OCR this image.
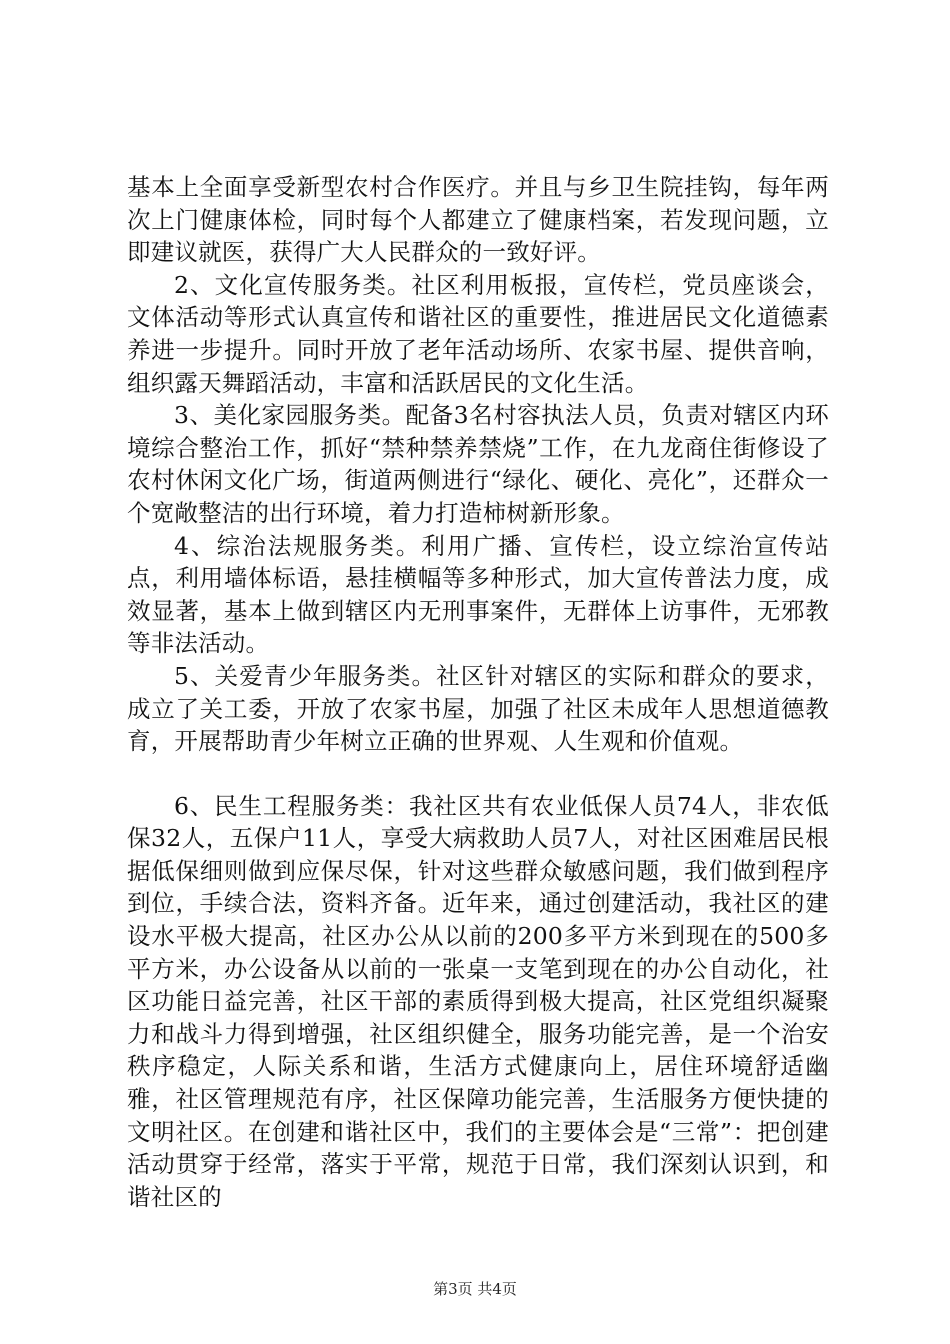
基本上全面享受新型农村合作医疗。并且与乡卫生院挂钩，每年两次上门健康体检，同时每个人都建立了健康档案，若发现问题，立即建议就医，获得广大人民群众的一致好评。

2、文化宣传服务类。社区利用板报，宣传栏，党员座谈会，文体活动等形式认真宣传和谐社区的重要性，推进居民文化道德素养进一步提升。同时开放了老年活动场所、农家书屋、提供音响，组织露天舞蹈活动，丰富和活跃居民的文化生活。

3、美化家园服务类。配备3名村容执法人员，负责对辖区内环境综合整治工作，抓好“禁种禁养禁烧”工作，在九龙商住街修设了农村休闲文化广场，街道两侧进行“绿化、硬化、亮化”，还群众一个宽敞整洁的出行环境，着力打造柿树新形象。

4、综治法规服务类。利用广播、宣传栏，设立综治宣传站点，利用墙体标语，悬挂横幅等多种形式，加大宣传普法力度，成效显著，基本上做到辖区内无刑事案件，无群体上访事件，无邪教等非法活动。

5、关爱青少年服务类。社区针对辖区的实际和群众的要求，成立了关工委，开放了农家书屋，加强了社区未成年人思想道德教育，开展帮助青少年树立正确的世界观、人生观和价值观。

6、民生工程服务类：我社区共有农业低保人员74人，非农低保32人，五保户11人，享受大病救助人员7人，对社区困难居民根据低保细则做到应保尽保，针对这些群众敏感问题，我们做到程序到位，手续合法，资料齐备。近年来，通过创建活动，我社区的建设水平极大提高，社区办公从以前的200多平方米到现在的500多平方米，办公设备从以前的一张桌一支笔到现在的办公自动化，社区功能日益完善，社区干部的素质得到极大提高，社区党组织凝聚力和战斗力得到增强，社区组织健全，服务功能完善，是一个治安秩序稳定，人际关系和谐，生活方式健康向上，居住环境舒适幽雅，社区管理规范有序，社区保障功能完善，生活服务方便快捷的文明社区。在创建和谐社区中，我们的主要体会是“三常”：把创建活动贯穿于经常，落实于平常，规范于日常，我们深刻认识到，和谐社区的

第3页 共4页
